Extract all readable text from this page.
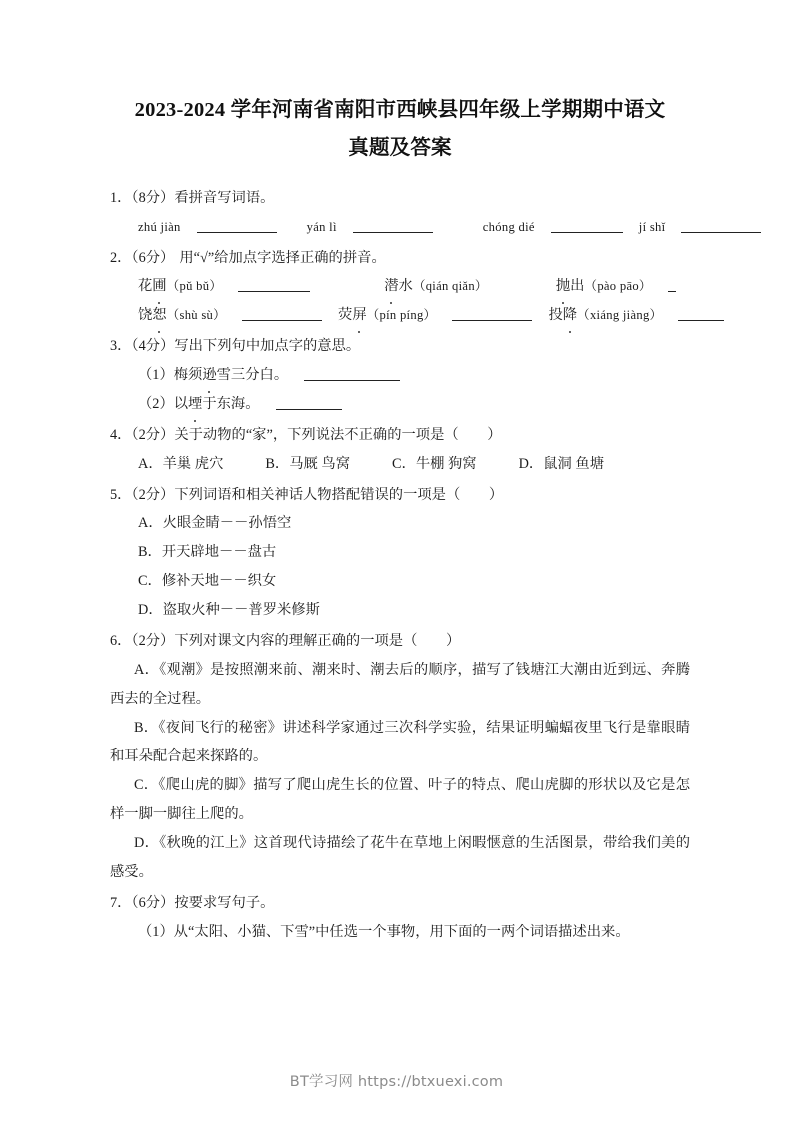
2023-2024 学年河南省南阳市西峡县四年级上学期期中语文
真题及答案
1．（8分）看拼音写词语。
zhú jiàn	yán lì	chóng dié	jí shǐ
2．（6分） 用“√”给加点字选择正确的拼音。
花圃（pǔ bǔ）	潜水（qián qiǎn）	抛出（pào pāo）
饶恕（shù sù）	荧屏（pín píng）	投降（xiáng jiàng）
3．（4分）写出下列句中加点字的意思。
（1）梅须逊雪三分白。
（2）以堙于东海。
4．（2分）关于动物的“家”，下列说法不正确的一项是（　　）
A．羊巢 虎穴	B．马厩 鸟窝	C．牛棚 狗窝	D．鼠洞 鱼塘
5．（2分）下列词语和相关神话人物搭配错误的一项是（　　）
A．火眼金睛－－孙悟空
B．开天辟地－－盘古
C．修补天地－－织女
D．盗取火种－－普罗米修斯
6．（2分）下列对课文内容的理解正确的一项是（　　）

A．《观潮》是按照潮来前、潮来时、潮去后的顺序，描写了钱塘江大潮由近到远、奔腾西去的全过程。

B．《夜间飞行的秘密》讲述科学家通过三次科学实验，结果证明蝙蝠夜里飞行是靠眼睛和耳朵配合起来探路的。

C．《爬山虎的脚》描写了爬山虎生长的位置、叶子的特点、爬山虎脚的形状以及它是怎样一脚一脚往上爬的。

D．《秋晚的江上》这首现代诗描绘了花牛在草地上闲暇惬意的生活图景，带给我们美的感受。

7．（6分）按要求写句子。
（1）从“太阳、小猫、下雪”中任选一个事物，用下面的一两个词语描述出来。
BT学习网 https://btxuexi.com
